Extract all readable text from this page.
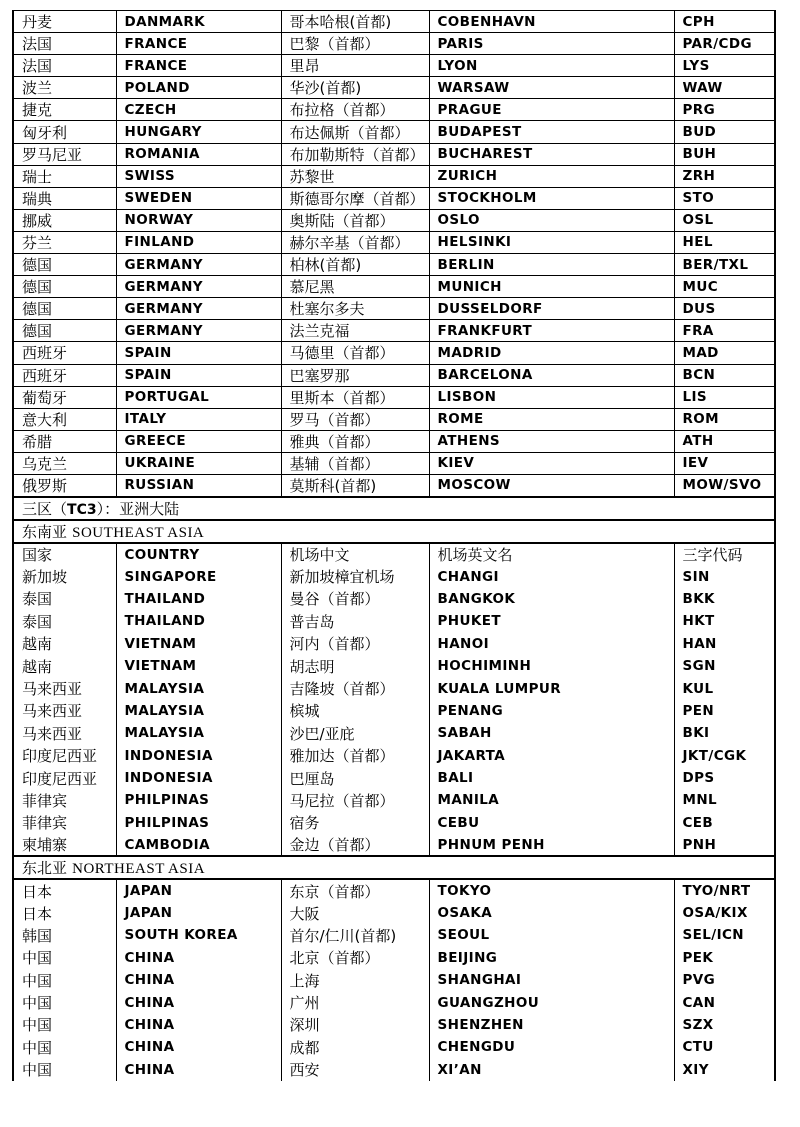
丹麦	DANMARK	哥本哈根(首都)	COBENHAVN	CPH
法国	FRANCE	巴黎（首都）	PARIS	PAR/CDG
法国	FRANCE	里昂	LYON	LYS
波兰	POLAND	华沙(首都)	WARSAW	WAW
捷克	CZECH	布拉格（首都）	PRAGUE	PRG
匈牙利	HUNGARY	布达佩斯（首都）	BUDAPEST	BUD
罗马尼亚	ROMANIA	布加勒斯特（首都）	BUCHAREST	BUH
瑞士	SWISS	苏黎世	ZURICH	ZRH
瑞典	SWEDEN	斯德哥尔摩（首都）	STOCKHOLM	STO
挪威	NORWAY	奥斯陆（首都）	OSLO	OSL
芬兰	FINLAND	赫尔辛基（首都）	HELSINKI	HEL
德国	GERMANY	柏林(首都)	BERLIN	BER/TXL
德国	GERMANY	慕尼黑	MUNICH	MUC
德国	GERMANY	杜塞尔多夫	DUSSELDORF	DUS
德国	GERMANY	法兰克福	FRANKFURT	FRA
西班牙	SPAIN	马德里（首都）	MADRID	MAD
西班牙	SPAIN	巴塞罗那	BARCELONA	BCN
葡萄牙	PORTUGAL	里斯本（首都）	LISBON	LIS
意大利	ITALY	罗马（首都）	ROME	ROM
希腊	GREECE	雅典（首都）	ATHENS	ATH
乌克兰	UKRAINE	基辅（首都）	KIEV	IEV
俄罗斯	RUSSIAN	莫斯科(首都)	MOSCOW	MOW/SVO
三区（TC3）：亚洲大陆				
东南亚 SOUTHEAST ASIA				
国家	COUNTRY	机场中文	机场英文名	三字代码
新加坡	SINGAPORE	新加坡樟宜机场	CHANGI	SIN
泰国	THAILAND	曼谷（首都）	BANGKOK	BKK
泰国	THAILAND	普吉岛	PHUKET	HKT
越南	VIETNAM	河内（首都）	HANOI	HAN
越南	VIETNAM	胡志明	HOCHIMINH	SGN
马来西亚	MALAYSIA	吉隆坡（首都）	KUALA LUMPUR	KUL
马来西亚	MALAYSIA	槟城	PENANG	PEN
马来西亚	MALAYSIA	沙巴/亚庇	SABAH	BKI
印度尼西亚	INDONESIA	雅加达（首都）	JAKARTA	JKT/CGK
印度尼西亚	INDONESIA	巴厘岛	BALI	DPS
菲律宾	PHILPINAS	马尼拉（首都）	MANILA	MNL
菲律宾	PHILPINAS	宿务	CEBU	CEB
柬埔寨	CAMBODIA	金边（首都）	PHNUM PENH	PNH
东北亚 NORTHEAST ASIA				
日本	JAPAN	东京（首都）	TOKYO	TYO/NRT
日本	JAPAN	大阪	OSAKA	OSA/KIX
韩国	SOUTH KOREA	首尔/仁川(首都)	SEOUL	SEL/ICN
中国	CHINA	北京（首都）	BEIJING	PEK
中国	CHINA	上海	SHANGHAI	PVG
中国	CHINA	广州	GUANGZHOU	CAN
中国	CHINA	深圳	SHENZHEN	SZX
中国	CHINA	成都	CHENGDU	CTU
中国	CHINA	西安	XI’AN	XIY
